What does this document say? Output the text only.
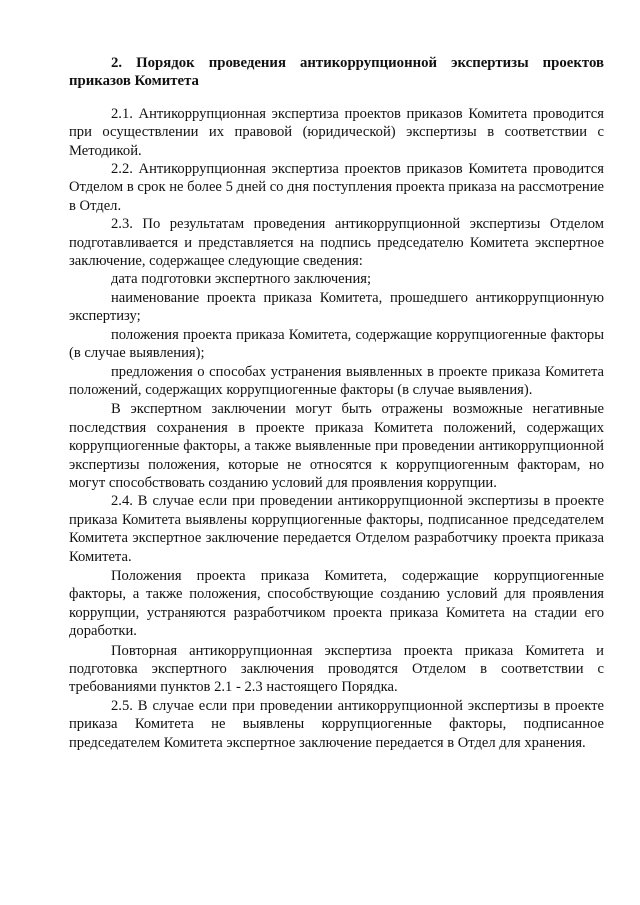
2. Порядок проведения антикоррупционной экспертизы проектов приказов Комитета

2.1. Антикоррупционная экспертиза проектов приказов Комитета проводится при осуществлении их правовой (юридической) экспертизы в соответствии с Методикой.

2.2. Антикоррупционная экспертиза проектов приказов Комитета проводится Отделом в срок не более 5 дней со дня поступления проекта приказа на рассмотрение в Отдел.

2.3. По результатам проведения антикоррупционной экспертизы Отделом подготавливается и представляется на подпись председателю Комитета экспертное заключение, содержащее следующие сведения:

дата подготовки экспертного заключения;

наименование проекта приказа Комитета, прошедшего антикоррупционную экспертизу;

положения проекта приказа Комитета, содержащие коррупциогенные факторы (в случае выявления);

предложения о способах устранения выявленных в проекте приказа Комитета положений, содержащих коррупциогенные факторы (в случае выявления).

В экспертном заключении могут быть отражены возможные негативные последствия сохранения в проекте приказа Комитета положений, содержащих коррупциогенные факторы, а также выявленные при проведении антикоррупционной экспертизы положения, которые не относятся к коррупциогенным факторам, но могут способствовать созданию условий для проявления коррупции.

2.4. В случае если при проведении антикоррупционной экспертизы в проекте приказа Комитета выявлены коррупциогенные факторы, подписанное председателем Комитета экспертное заключение передается Отделом разработчику проекта приказа Комитета.

Положения проекта приказа Комитета, содержащие коррупциогенные факторы, а также положения, способствующие созданию условий для проявления коррупции, устраняются разработчиком проекта приказа Комитета на стадии его доработки.

Повторная антикоррупционная экспертиза проекта приказа Комитета и подготовка экспертного заключения проводятся Отделом в соответствии с требованиями пунктов 2.1 - 2.3 настоящего Порядка.

2.5. В случае если при проведении антикоррупционной экспертизы в проекте приказа Комитета не выявлены коррупциогенные факторы, подписанное председателем Комитета экспертное заключение передается в Отдел для хранения.
